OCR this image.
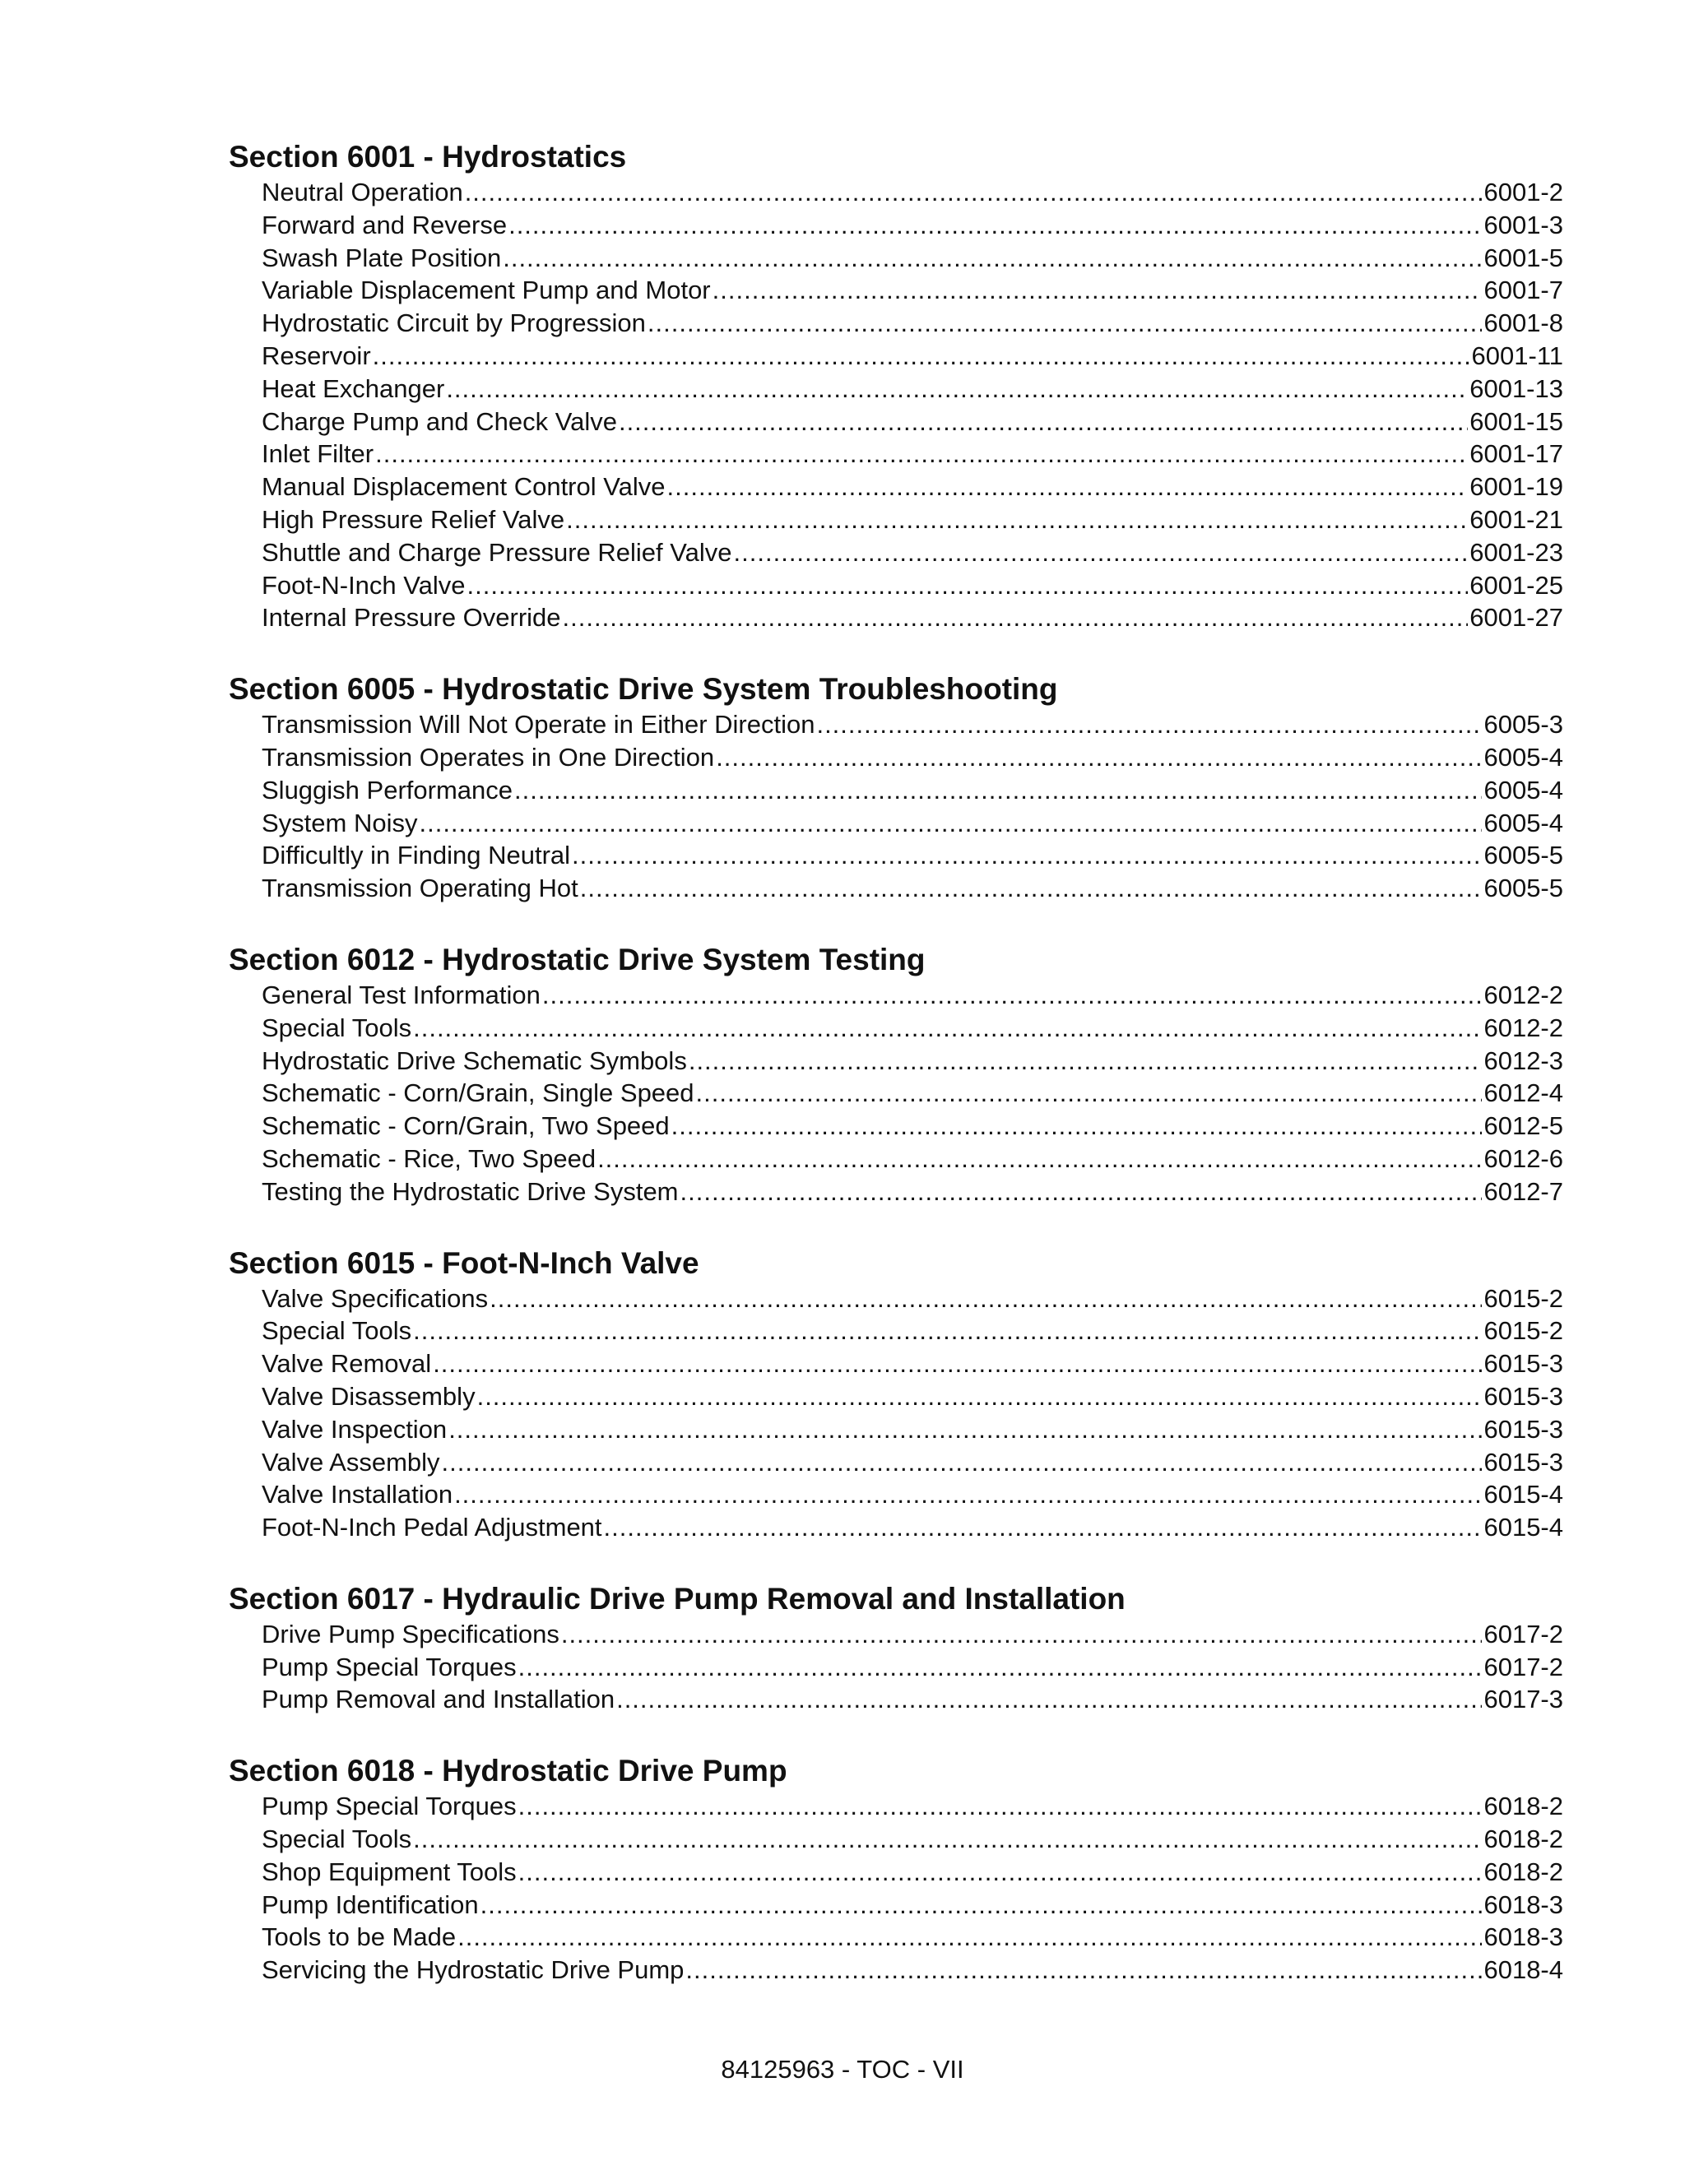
Section 6001 - Hydrostatics
Neutral Operation .....	6001-2
Forward and Reverse .....	6001-3
Swash Plate Position .....	6001-5
Variable Displacement Pump and Motor .....	6001-7
Hydrostatic Circuit by Progression .....	6001-8
Reservoir .....	6001-11
Heat Exchanger .....	6001-13
Charge Pump and Check Valve .....	6001-15
Inlet Filter .....	6001-17
Manual Displacement Control Valve .....	6001-19
High Pressure Relief Valve .....	6001-21
Shuttle and Charge Pressure Relief Valve .....	6001-23
Foot-N-Inch Valve .....	6001-25
Internal Pressure Override .....	6001-27
Section 6005 - Hydrostatic Drive System Troubleshooting
Transmission Will Not Operate in Either Direction .....	6005-3
Transmission Operates in One Direction .....	6005-4
Sluggish Performance .....	6005-4
System Noisy .....	6005-4
Difficultly in Finding Neutral .....	6005-5
Transmission Operating Hot .....	6005-5
Section 6012 - Hydrostatic Drive System Testing
General Test Information .....	6012-2
Special Tools .....	6012-2
Hydrostatic Drive Schematic Symbols .....	6012-3
Schematic - Corn/Grain, Single Speed .....	6012-4
Schematic - Corn/Grain, Two Speed .....	6012-5
Schematic - Rice, Two Speed .....	6012-6
Testing the Hydrostatic Drive System .....	6012-7
Section 6015 - Foot-N-Inch Valve
Valve Specifications .....	6015-2
Special Tools .....	6015-2
Valve Removal .....	6015-3
Valve Disassembly .....	6015-3
Valve Inspection .....	6015-3
Valve Assembly .....	6015-3
Valve Installation .....	6015-4
Foot-N-Inch Pedal Adjustment .....	6015-4
Section 6017 - Hydraulic Drive Pump Removal and Installation
Drive Pump Specifications .....	6017-2
Pump Special Torques .....	6017-2
Pump Removal and Installation .....	6017-3
Section 6018 - Hydrostatic Drive Pump
Pump Special Torques .....	6018-2
Special Tools .....	6018-2
Shop Equipment Tools .....	6018-2
Pump Identification .....	6018-3
Tools to be Made .....	6018-3
Servicing the Hydrostatic Drive Pump .....	6018-4
84125963 - TOC - VII
